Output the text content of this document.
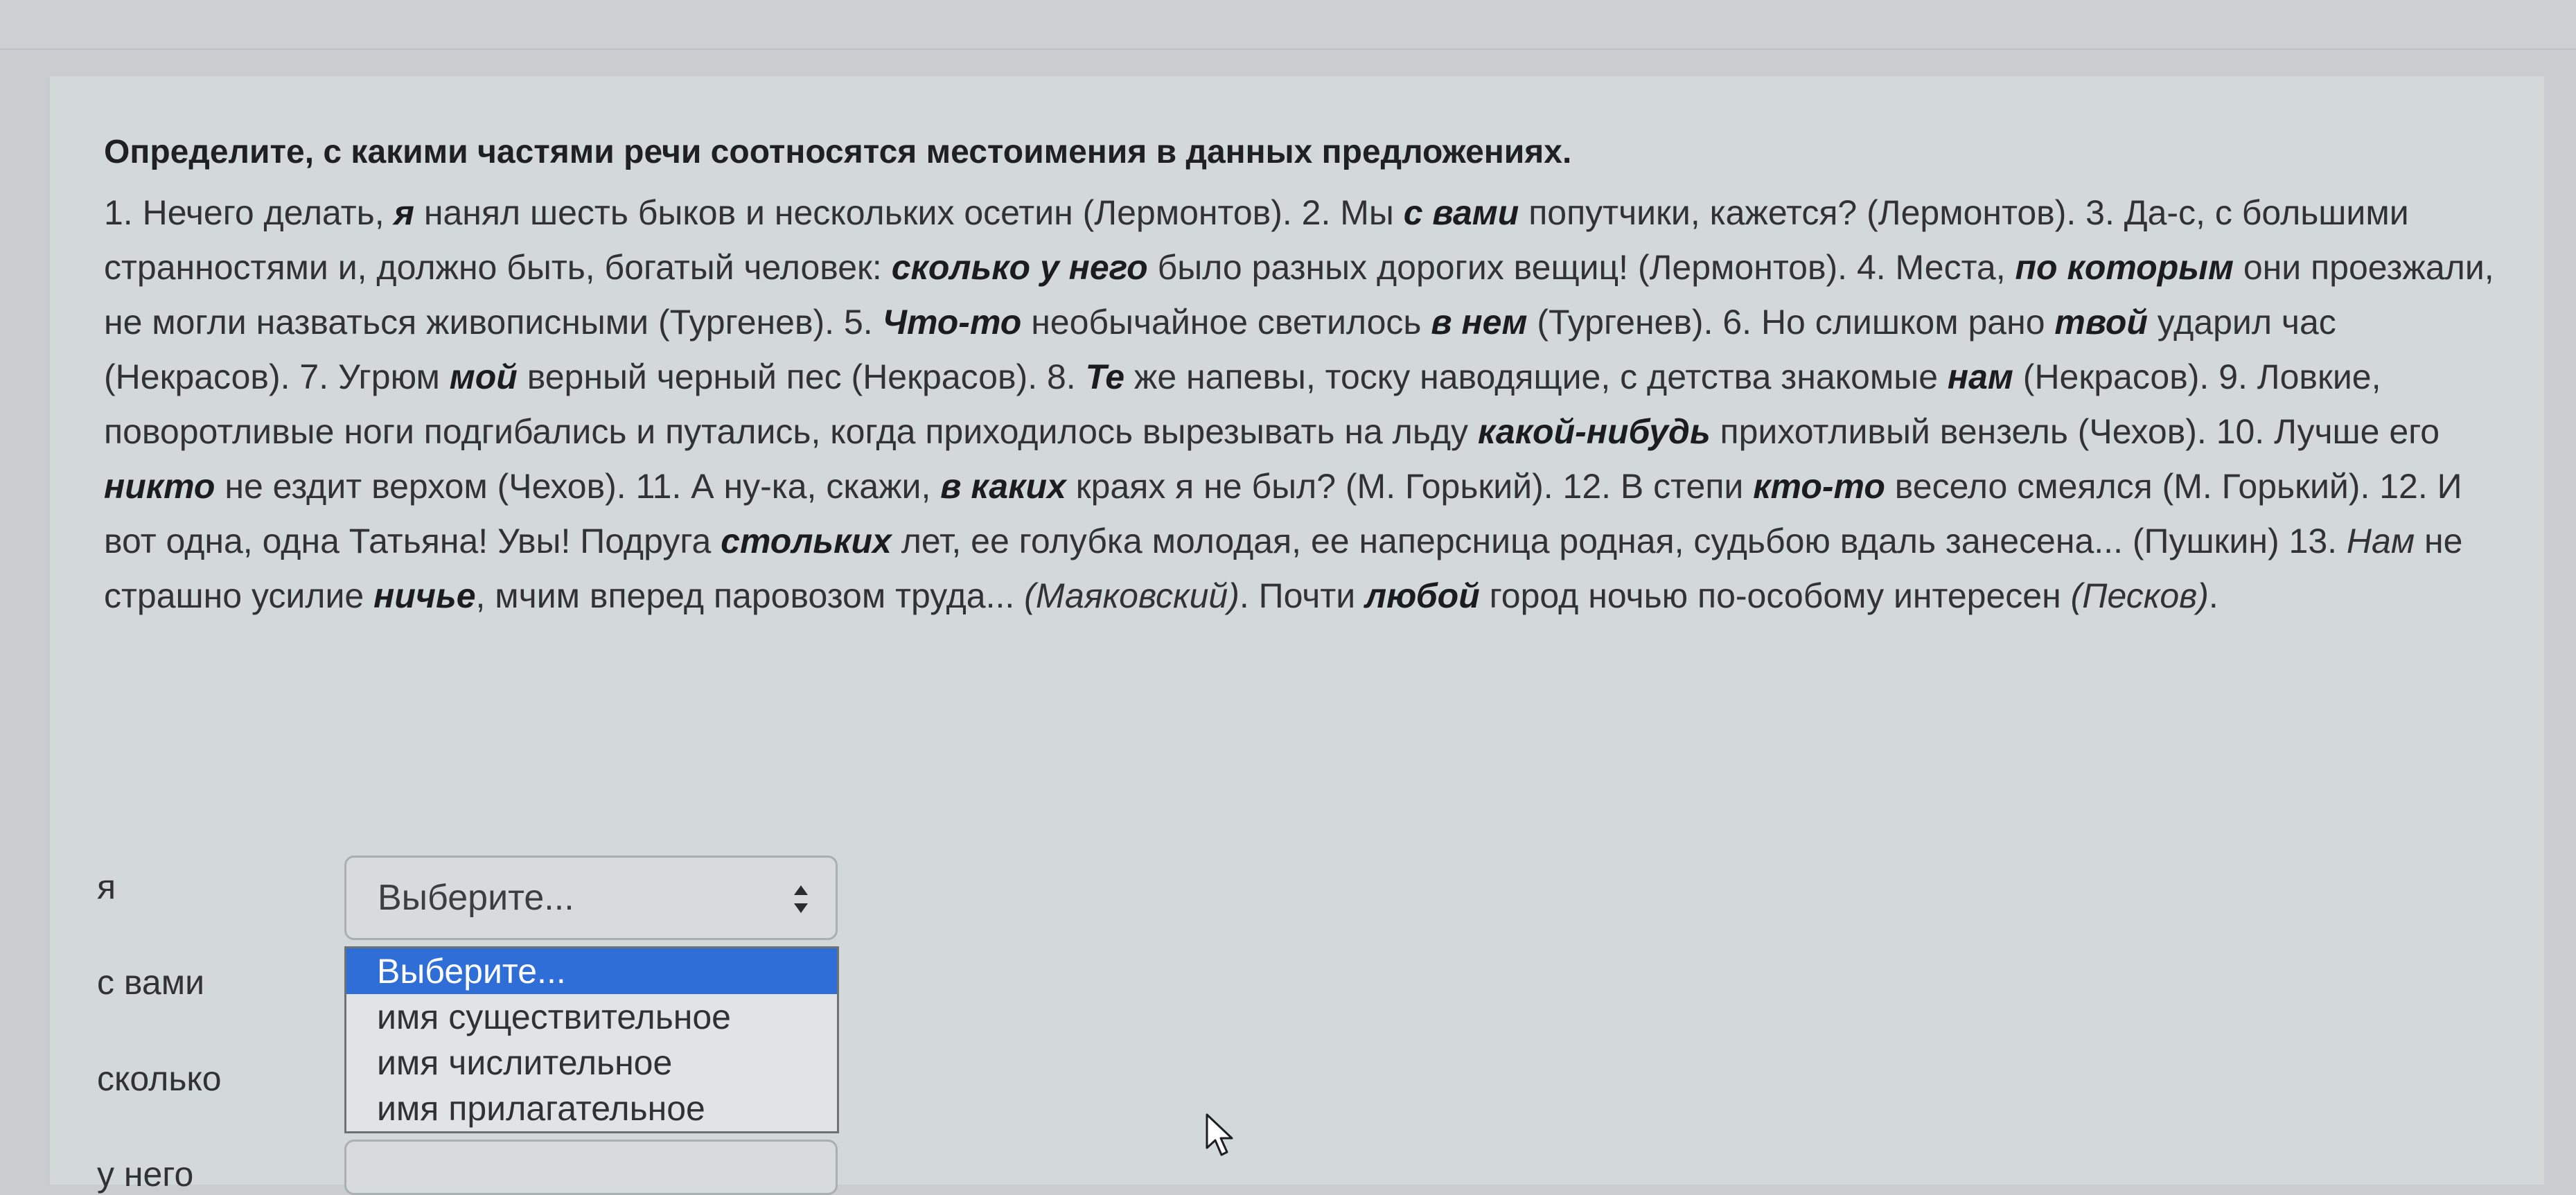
Определите, с какими частями речи соотносятся местоимения в данных предложениях.

1. Нечего делать, я нанял шесть быков и нескольких осетин (Лермонтов). 2. Мы с вами попутчики, кажется? (Лермонтов). 3. Да-с, с большими странностями и, должно быть, богатый человек: сколько у него было разных дорогих вещиц! (Лермонтов). 4. Места, по которым они проезжали, не могли назваться живописными (Тургенев). 5. Что-то необычайное светилось в нем (Тургенев). 6. Но слишком рано твой ударил час (Некрасов). 7. Угрюм мой верный черный пес (Некрасов). 8. Те же напевы, тоску наводящие, с детства знакомые нам (Некрасов). 9. Ловкие, поворотливые ноги подгибались и путались, когда приходилось вырезывать на льду какой-нибудь прихотливый вензель (Чехов). 10. Лучше его никто не ездит верхом (Чехов). 11. А ну-ка, скажи, в каких краях я не был? (М. Горький). 12. В степи кто-то весело смеялся (М. Горький). 12. И вот одна, одна Татьяна! Увы! Подруга стольких лет, ее голубка молодая, ее наперсница родная, судьбою вдаль занесена... (Пушкин) 13. Нам не страшно усилие ничье, мчим вперед паровозом труда... (Маяковский). Почти любой город ночью по-особому интересен (Песков).

я
с вами
сколько
у него
Выберите...
Выберите...
имя существительное
имя числительное
имя прилагательное
